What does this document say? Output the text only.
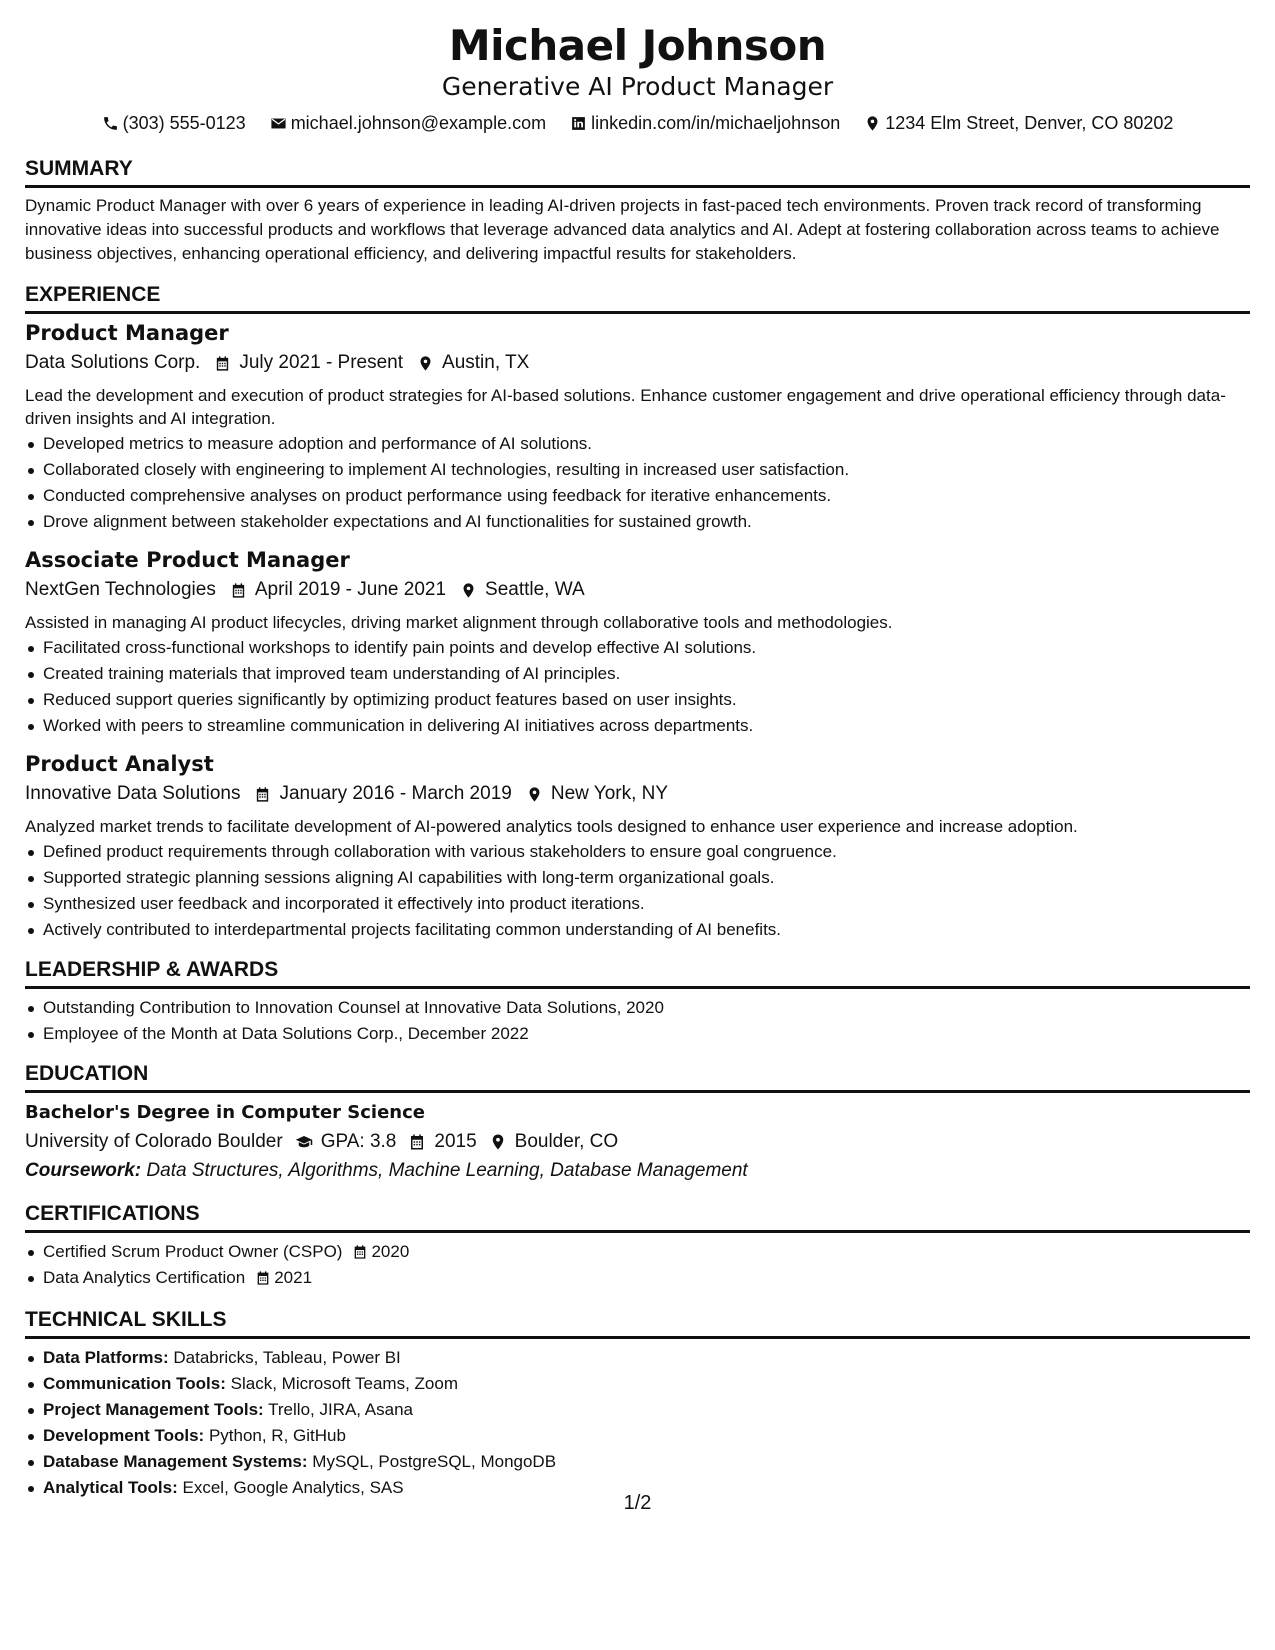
Michael Johnson
Generative AI Product Manager
(303) 555-0123	michael.johnson@example.com	linkedin.com/in/michaeljohnson	1234 Elm Street, Denver, CO 80202
SUMMARY
Dynamic Product Manager with over 6 years of experience in leading AI-driven projects in fast-paced tech environments. Proven track record of transforming innovative ideas into successful products and workflows that leverage advanced data analytics and AI. Adept at fostering collaboration across teams to achieve business objectives, enhancing operational efficiency, and delivering impactful results for stakeholders.
EXPERIENCE
Product Manager
Data Solutions Corp. July 2021 - Present Austin, TX
Lead the development and execution of product strategies for AI-based solutions. Enhance customer engagement and drive operational efficiency through data-driven insights and AI integration.
Developed metrics to measure adoption and performance of AI solutions.
Collaborated closely with engineering to implement AI technologies, resulting in increased user satisfaction.
Conducted comprehensive analyses on product performance using feedback for iterative enhancements.
Drove alignment between stakeholder expectations and AI functionalities for sustained growth.
Associate Product Manager
NextGen Technologies April 2019 - June 2021 Seattle, WA
Assisted in managing AI product lifecycles, driving market alignment through collaborative tools and methodologies.
Facilitated cross-functional workshops to identify pain points and develop effective AI solutions.
Created training materials that improved team understanding of AI principles.
Reduced support queries significantly by optimizing product features based on user insights.
Worked with peers to streamline communication in delivering AI initiatives across departments.
Product Analyst
Innovative Data Solutions January 2016 - March 2019 New York, NY
Analyzed market trends to facilitate development of AI-powered analytics tools designed to enhance user experience and increase adoption.
Defined product requirements through collaboration with various stakeholders to ensure goal congruence.
Supported strategic planning sessions aligning AI capabilities with long-term organizational goals.
Synthesized user feedback and incorporated it effectively into product iterations.
Actively contributed to interdepartmental projects facilitating common understanding of AI benefits.
LEADERSHIP & AWARDS
Outstanding Contribution to Innovation Counsel at Innovative Data Solutions, 2020
Employee of the Month at Data Solutions Corp., December 2022
EDUCATION
Bachelor's Degree in Computer Science
University of Colorado Boulder GPA: 3.8 2015 Boulder, CO
Coursework: Data Structures, Algorithms, Machine Learning, Database Management
CERTIFICATIONS
Certified Scrum Product Owner (CSPO) 2020
Data Analytics Certification 2021
TECHNICAL SKILLS
Data Platforms: Databricks, Tableau, Power BI
Communication Tools: Slack, Microsoft Teams, Zoom
Project Management Tools: Trello, JIRA, Asana
Development Tools: Python, R, GitHub
Database Management Systems: MySQL, PostgreSQL, MongoDB
Analytical Tools: Excel, Google Analytics, SAS
1/2
